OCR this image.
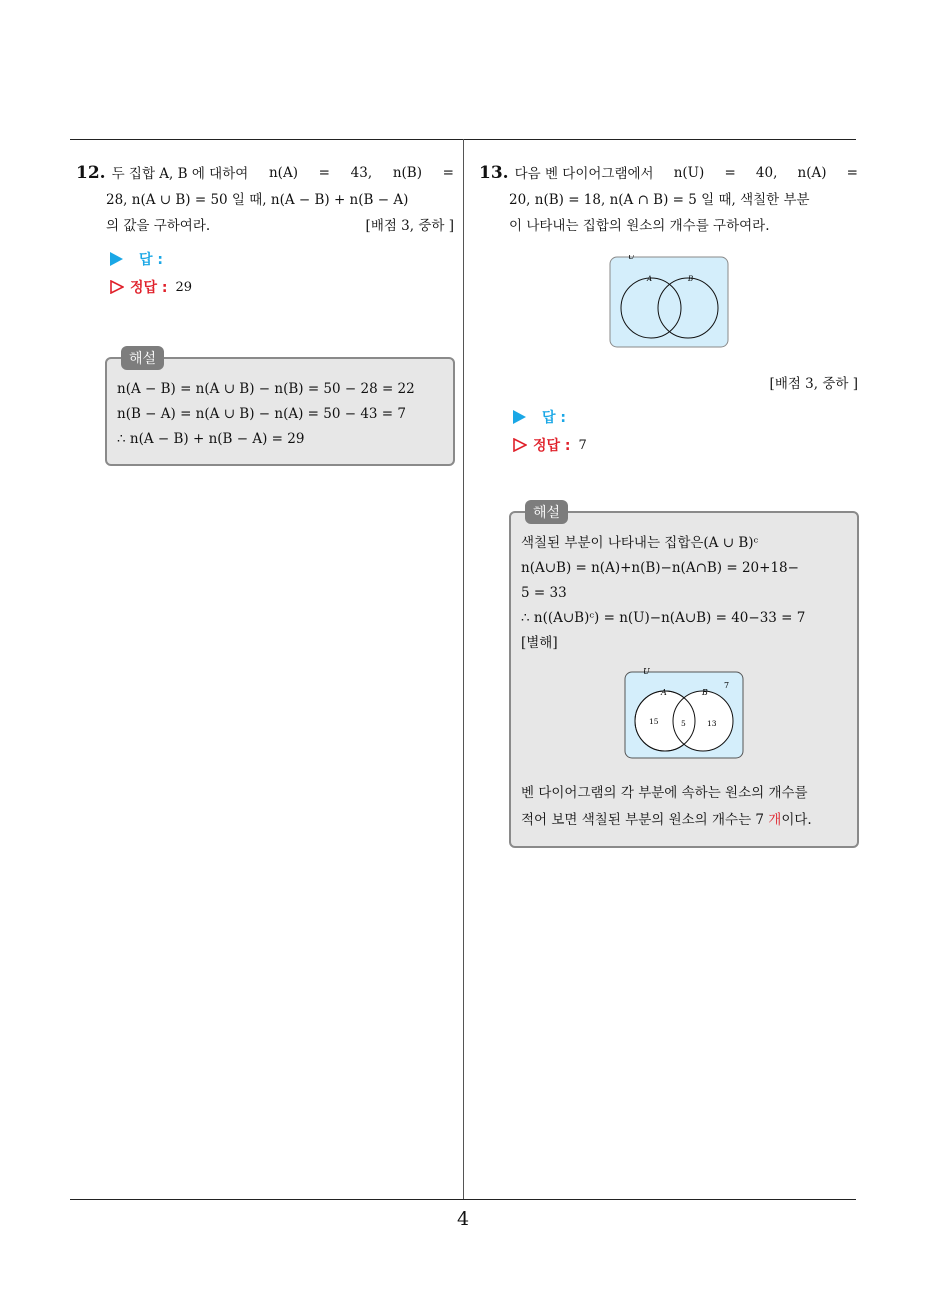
4
12. 두 집합 A, B 에 대하여 n(A) = 43, n(B) =
28, n(A ∪ B) = 50 일 때, n(A − B) + n(B − A)
의 값을 구하여라.	[배점 3, 중하 ]
답 :
정답 : 29
해설
n(A − B) = n(A ∪ B) − n(B) = 50 − 28 = 22
n(B − A) = n(A ∪ B) − n(A) = 50 − 43 = 7
∴ n(A − B) + n(B − A) = 29
13. 다음 벤 다이어그램에서 n(U) = 40, n(A) =
20, n(B) = 18, n(A ∩ B) = 5 일 때, 색칠한 부분
이 나타내는 집합의 원소의 개수를 구하여라.
U
A	B
[배점 3, 중하 ]
답 :
정답 : 7
해설
색칠된 부분이 나타내는 집합은(A ∪ B)ᶜ
n(A∪B) = n(A)+n(B)−n(A∩B) = 20+18−
5 = 33
∴ n((A∪B)ᶜ) = n(U)−n(A∪B) = 40−33 = 7
[별해]
U
A	B
7
15	5	13
벤 다이어그램의 각 부분에 속하는 원소의 개수를
적어 보면 색칠된 부분의 원소의 개수는 7 개이다.
